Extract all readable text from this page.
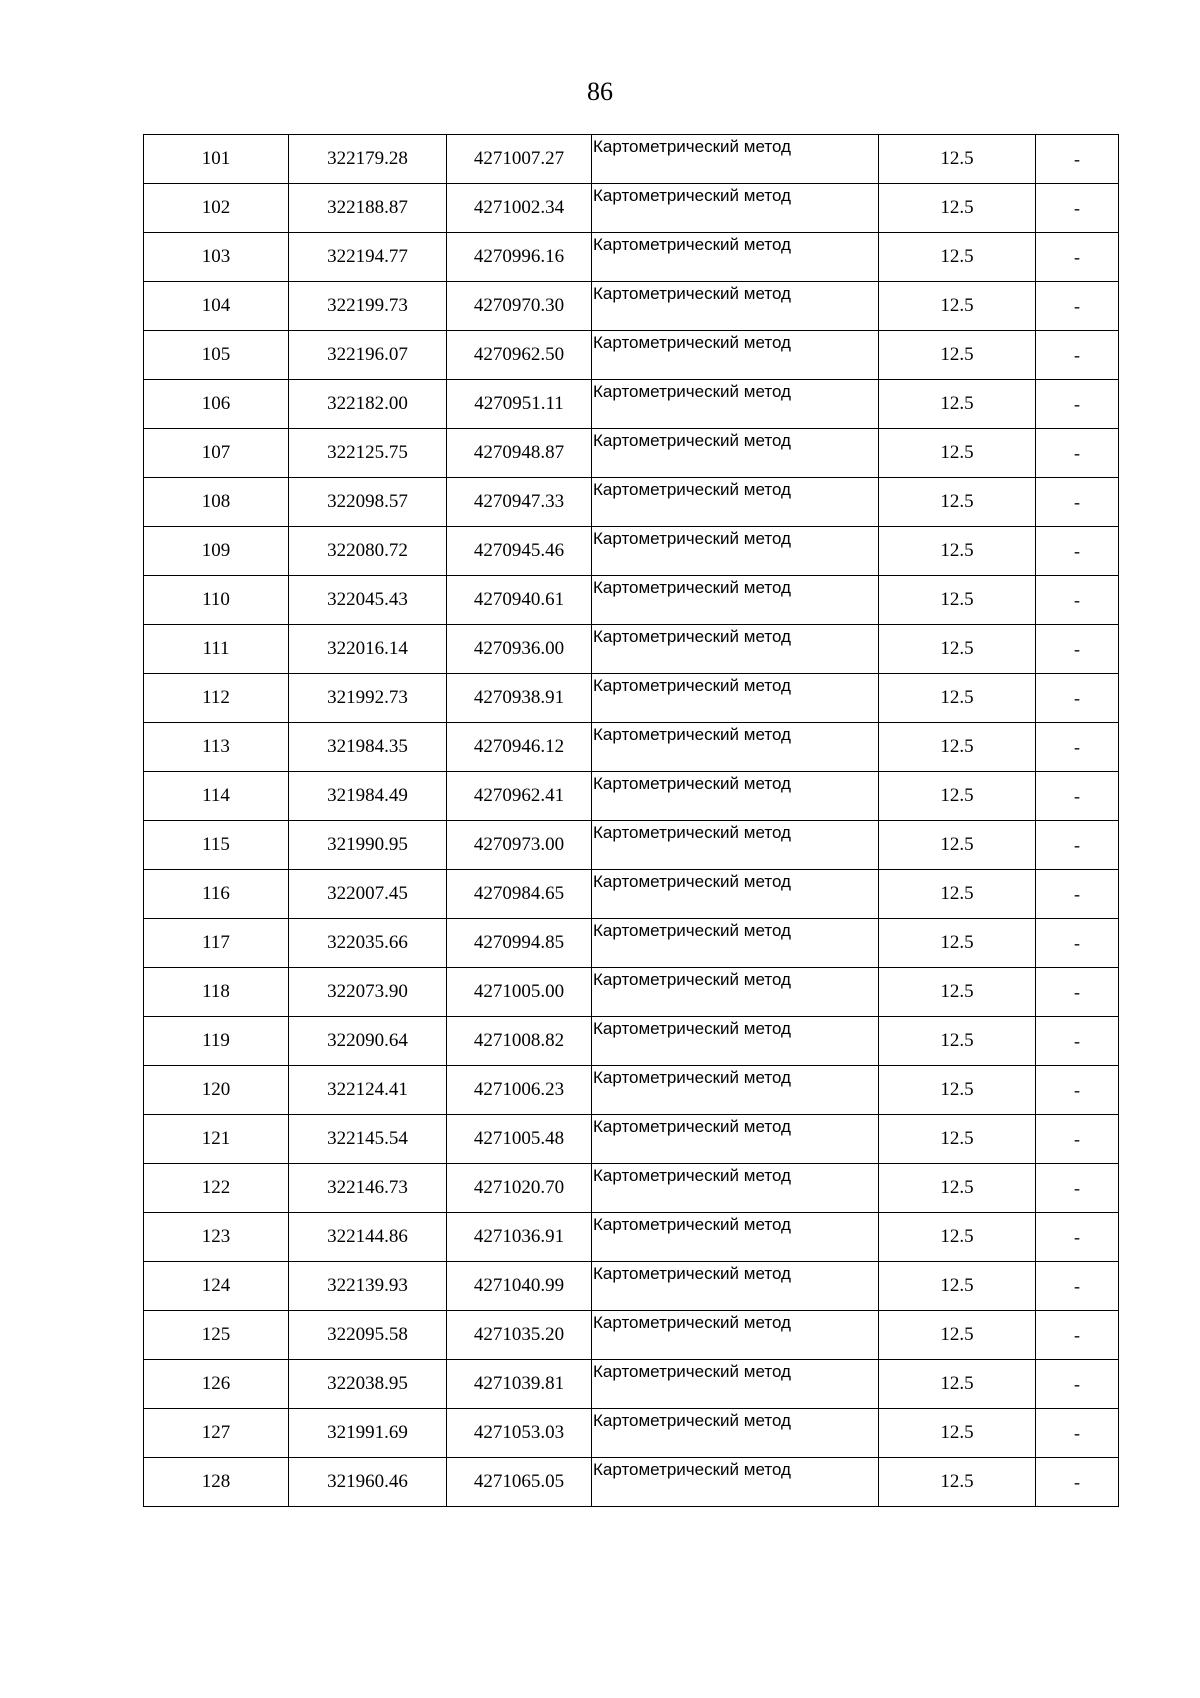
86
101	322179.28	4271007.27	Картометрический метод	12.5	-
102	322188.87	4271002.34	Картометрический метод	12.5	-
103	322194.77	4270996.16	Картометрический метод	12.5	-
104	322199.73	4270970.30	Картометрический метод	12.5	-
105	322196.07	4270962.50	Картометрический метод	12.5	-
106	322182.00	4270951.11	Картометрический метод	12.5	-
107	322125.75	4270948.87	Картометрический метод	12.5	-
108	322098.57	4270947.33	Картометрический метод	12.5	-
109	322080.72	4270945.46	Картометрический метод	12.5	-
110	322045.43	4270940.61	Картометрический метод	12.5	-
111	322016.14	4270936.00	Картометрический метод	12.5	-
112	321992.73	4270938.91	Картометрический метод	12.5	-
113	321984.35	4270946.12	Картометрический метод	12.5	-
114	321984.49	4270962.41	Картометрический метод	12.5	-
115	321990.95	4270973.00	Картометрический метод	12.5	-
116	322007.45	4270984.65	Картометрический метод	12.5	-
117	322035.66	4270994.85	Картометрический метод	12.5	-
118	322073.90	4271005.00	Картометрический метод	12.5	-
119	322090.64	4271008.82	Картометрический метод	12.5	-
120	322124.41	4271006.23	Картометрический метод	12.5	-
121	322145.54	4271005.48	Картометрический метод	12.5	-
122	322146.73	4271020.70	Картометрический метод	12.5	-
123	322144.86	4271036.91	Картометрический метод	12.5	-
124	322139.93	4271040.99	Картометрический метод	12.5	-
125	322095.58	4271035.20	Картометрический метод	12.5	-
126	322038.95	4271039.81	Картометрический метод	12.5	-
127	321991.69	4271053.03	Картометрический метод	12.5	-
128	321960.46	4271065.05	Картометрический метод	12.5	-
